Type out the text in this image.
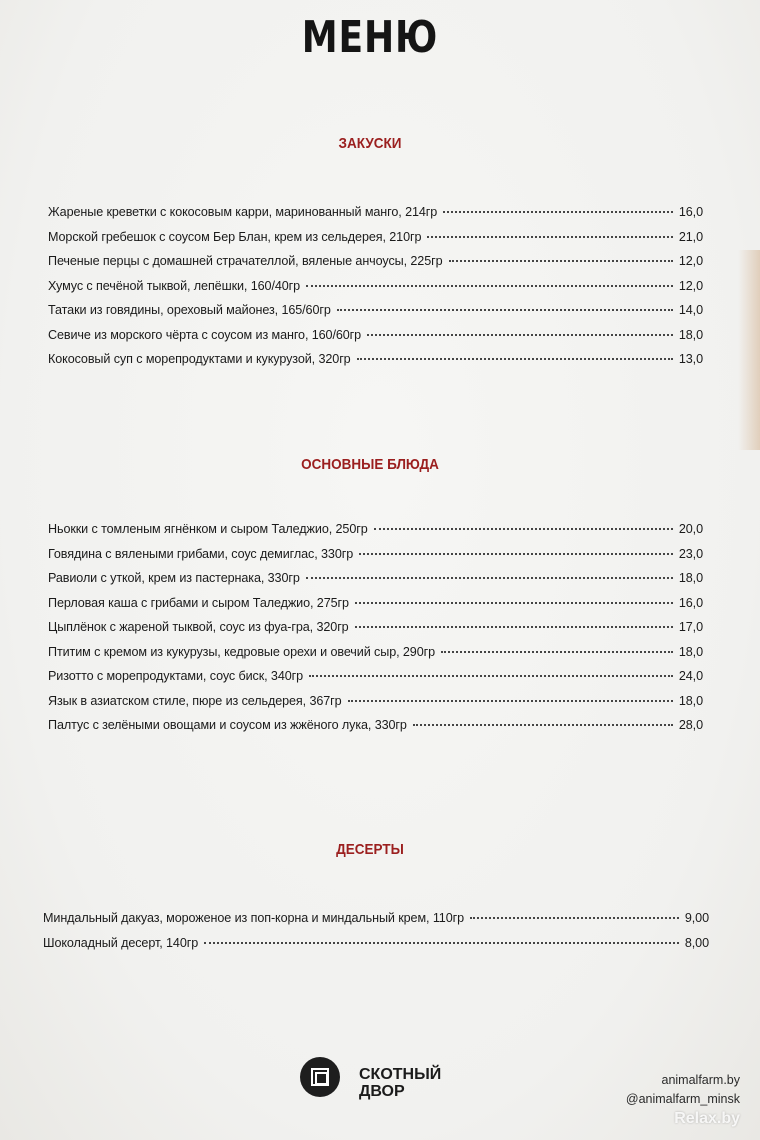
МЕНЮ
ЗАКУСКИ
Жареные креветки с кокосовым карри, маринованный манго, 214гр	16,0
Морской гребешок с соусом Бер Блан, крем из сельдерея, 210гр	21,0
Печеные перцы с домашней страчателлой, вяленые анчоусы, 225гр	12,0
Хумус с печёной тыквой, лепёшки, 160/40гр	12,0
Татаки из говядины, ореховый майонез, 165/60гр	14,0
Севиче из морского чёрта с соусом из манго, 160/60гр	18,0
Кокосовый суп с морепродуктами и кукурузой, 320гр	13,0
ОСНОВНЫЕ БЛЮДА
Ньокки с томленым ягнёнком и сыром Таледжио, 250гр	20,0
Говядина с вялеными грибами, соус демиглас, 330гр	23,0
Равиоли с уткой, крем из пастернака, 330гр	18,0
Перловая каша с грибами и сыром Таледжио, 275гр	16,0
Цыплёнок с жареной тыквой, соус из фуа-гра, 320гр	17,0
Птитим с кремом из кукурузы, кедровые орехи и овечий сыр, 290гр	18,0
Ризотто с морепродуктами, соус биск, 340гр	24,0
Язык в азиатском стиле, пюре из сельдерея, 367гр	18,0
Палтус с зелёными овощами и соусом из жжёного лука, 330гр	28,0
ДЕСЕРТЫ
Миндальный дакуаз, мороженое из поп-корна и миндальный крем, 110гр	9,00
Шоколадный десерт, 140гр	8,00
СКОТНЫЙ
ДВОР
animalfarm.by
@animalfarm_minsk
Relax.by
